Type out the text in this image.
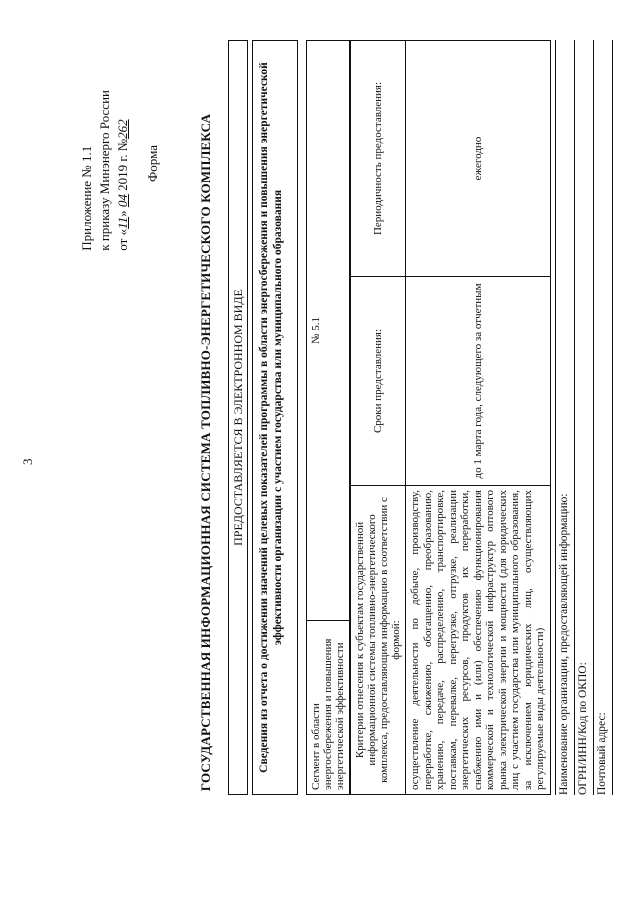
3
Приложение № 1.1 к приказу Минэнерго России от «11» 04 2019 г. №262
Форма	ГОСУДАРСТВЕННАЯ ИНФОРМАЦИОННАЯ СИСТЕМА ТОПЛИВНО-ЭНЕРГЕТИЧЕСКОГО КОМПЛЕКСА ПРЕДОСТАВЛЯЕТСЯ В ЭЛЕКТРОННОМ ВИДЕ	Сведения из отчета о достижении значений целевых показателей программы в области энергосбережения и повышения энергетической эффективности организации с участием государства или муниципального образования
Сегмент в области энергосбережения и повышения энергетической эффективности	№ 5.1
Критерии отнесения к субъектам государственной информационной системы топливно-энергетического комплекса, предоставляющим информацию в соответствии с формой:	Сроки представления:	Периодичность предоставления:
осуществление деятельности по добыче, производству, переработке, сжижению, обогащению, преобразованию, хранению, передаче, распределению, транспортировке, поставкам, перевалке, перегрузке, отгрузке, реализации энергетических ресурсов, продуктов их переработки, снабжению ими и (или) обеспечению функционирования коммерческой и технологической инфраструктур оптового рынка электрической энергии и мощности (для юридических лиц с участием государства или муниципального образования, за исключением юридических лиц, осуществляющих регулируемые виды деятельности)	до 1 марта года, следующего за отчетным	ежегодно
Наименование организации, предоставляющей информацию: ОГРН/ИНН/Код по ОКПО: Почтовый адрес:
